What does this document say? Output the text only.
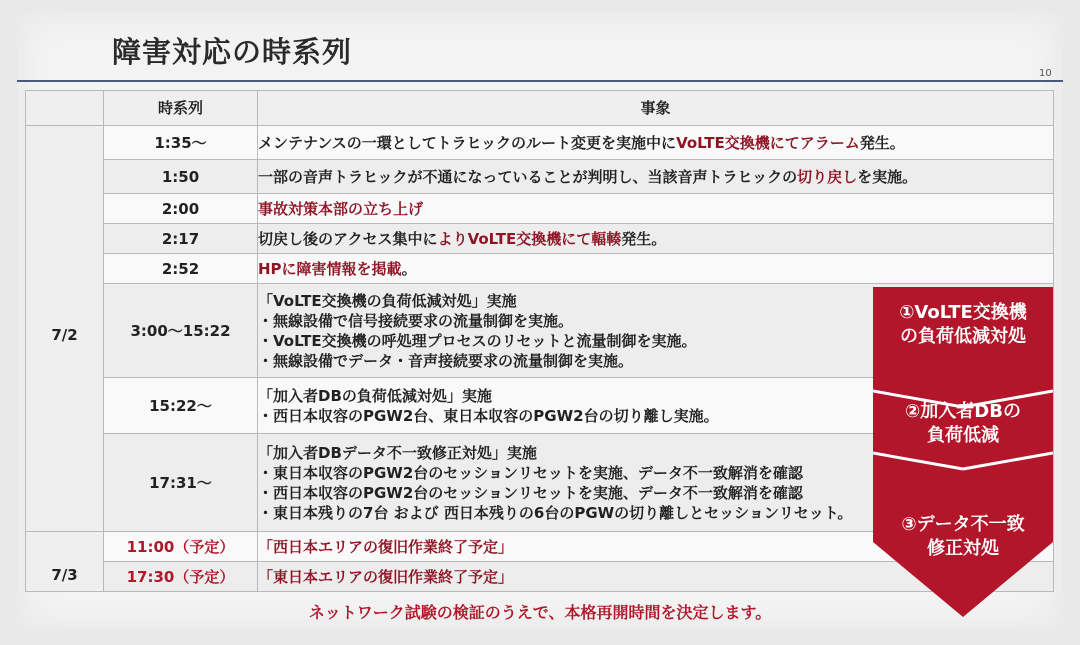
障害対応の時系列
10
	時系列	事象
7/2	1:35～	メンテナンスの一環としてトラヒックのルート変更を実施中にVoLTE交換機にてアラーム発生。
	1:50	一部の音声トラヒックが不通になっていることが判明し、当該音声トラヒックの切り戻しを実施。
	2:00	事故対策本部の立ち上げ
	2:17	切戻し後のアクセス集中によりVoLTE交換機にて輻輳発生。
	2:52	HPに障害情報を掲載。
	3:00～15:22	「VoLTE交換機の負荷低減対処」実施
・無線設備で信号接続要求の流量制御を実施。
・VoLTE交換機の呼処理プロセスのリセットと流量制御を実施。
・無線設備でデータ・音声接続要求の流量制御を実施。

	15:22～	「加入者DBの負荷低減対処」実施
・西日本収容のPGW2台、東日本収容のPGW2台の切り離し実施。

	17:31～	「加入者DBデータ不一致修正対処」実施
・東日本収容のPGW2台のセッションリセットを実施、データ不一致解消を確認
・西日本収容のPGW2台のセッションリセットを実施、データ不一致解消を確認
・東日本残りの7台 および 西日本残りの6台のPGWの切り離しとセッションリセット。

7/3	11:00（予定）	「西日本エリアの復旧作業終了予定」
	17:30（予定）	「東日本エリアの復旧作業終了予定」
①VoLTE交換機
の負荷低減対処
②加入者DBの
負荷低減
③データ不一致
修正対処
ネットワーク試験の検証のうえで、本格再開時間を決定します。
